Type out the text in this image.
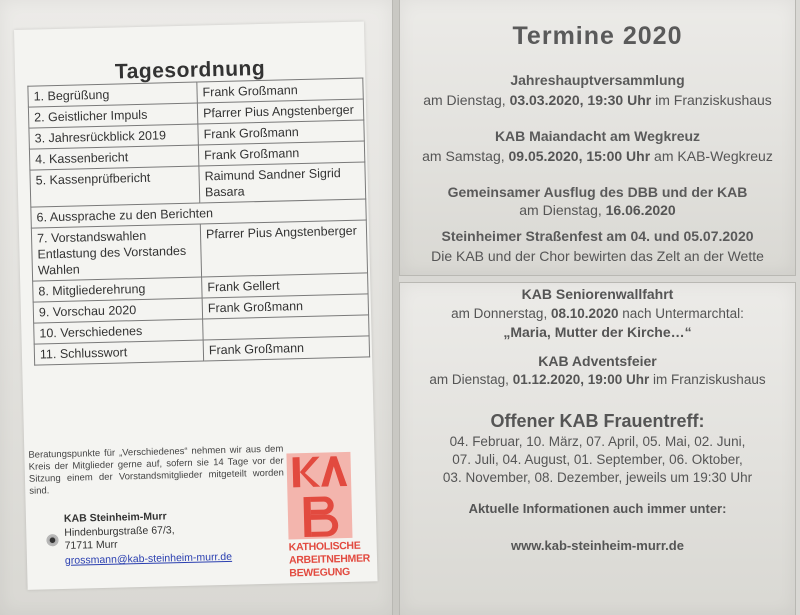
Tagesordnung
1. Begrüßung	Frank Großmann
2. Geistlicher Impuls	Pfarrer Pius Angstenberger
3. Jahresrückblick 2019	Frank Großmann
4. Kassenbericht	Frank Großmann
5. Kassenprüfbericht	Raimund Sandner Sigrid Basara
6. Aussprache zu den Berichten	
7. Vorstandswahlen Entlastung des Vorstandes Wahlen	Pfarrer Pius Angstenberger
8. Mitgliederehrung	Frank Gellert
9. Vorschau 2020	Frank Großmann
10. Verschiedenes	
11. Schlusswort	Frank Großmann
Beratungspunkte für „Verschiedenes“ nehmen wir aus dem Kreis der Mitglieder gerne auf, sofern sie 14 Tage vor der Sitzung einem der Vorstandsmitglieder mitgeteilt worden sind.
KAB Steinheim-Murr
Hindenburgstraße 67/3,
71711 Murr
grossmann@kab-steinheim-murr.de
KATHOLISCHE
ARBEITNEHMER
BEWEGUNG
Termine 2020
Jahreshauptversammlung
am Dienstag, 03.03.2020, 19:30 Uhr im Franziskushaus
KAB Maiandacht am Wegkreuz
am Samstag, 09.05.2020, 15:00 Uhr am KAB-Wegkreuz
Gemeinsamer Ausflug des DBB und der KAB
am Dienstag, 16.06.2020
Steinheimer Straßenfest am 04. und 05.07.2020
Die KAB und der Chor bewirten das Zelt an der Wette
KAB Seniorenwallfahrt
am Donnerstag, 08.10.2020 nach Untermarchtal:
„Maria, Mutter der Kirche…“
KAB Adventsfeier
am Dienstag, 01.12.2020, 19:00 Uhr im Franziskushaus
Offener KAB Frauentreff:
04. Februar, 10. März, 07. April, 05. Mai, 02. Juni,
07. Juli, 04. August, 01. September, 06. Oktober,
03. November, 08. Dezember, jeweils um 19:30 Uhr
Aktuelle Informationen auch immer unter:
www.kab-steinheim-murr.de
